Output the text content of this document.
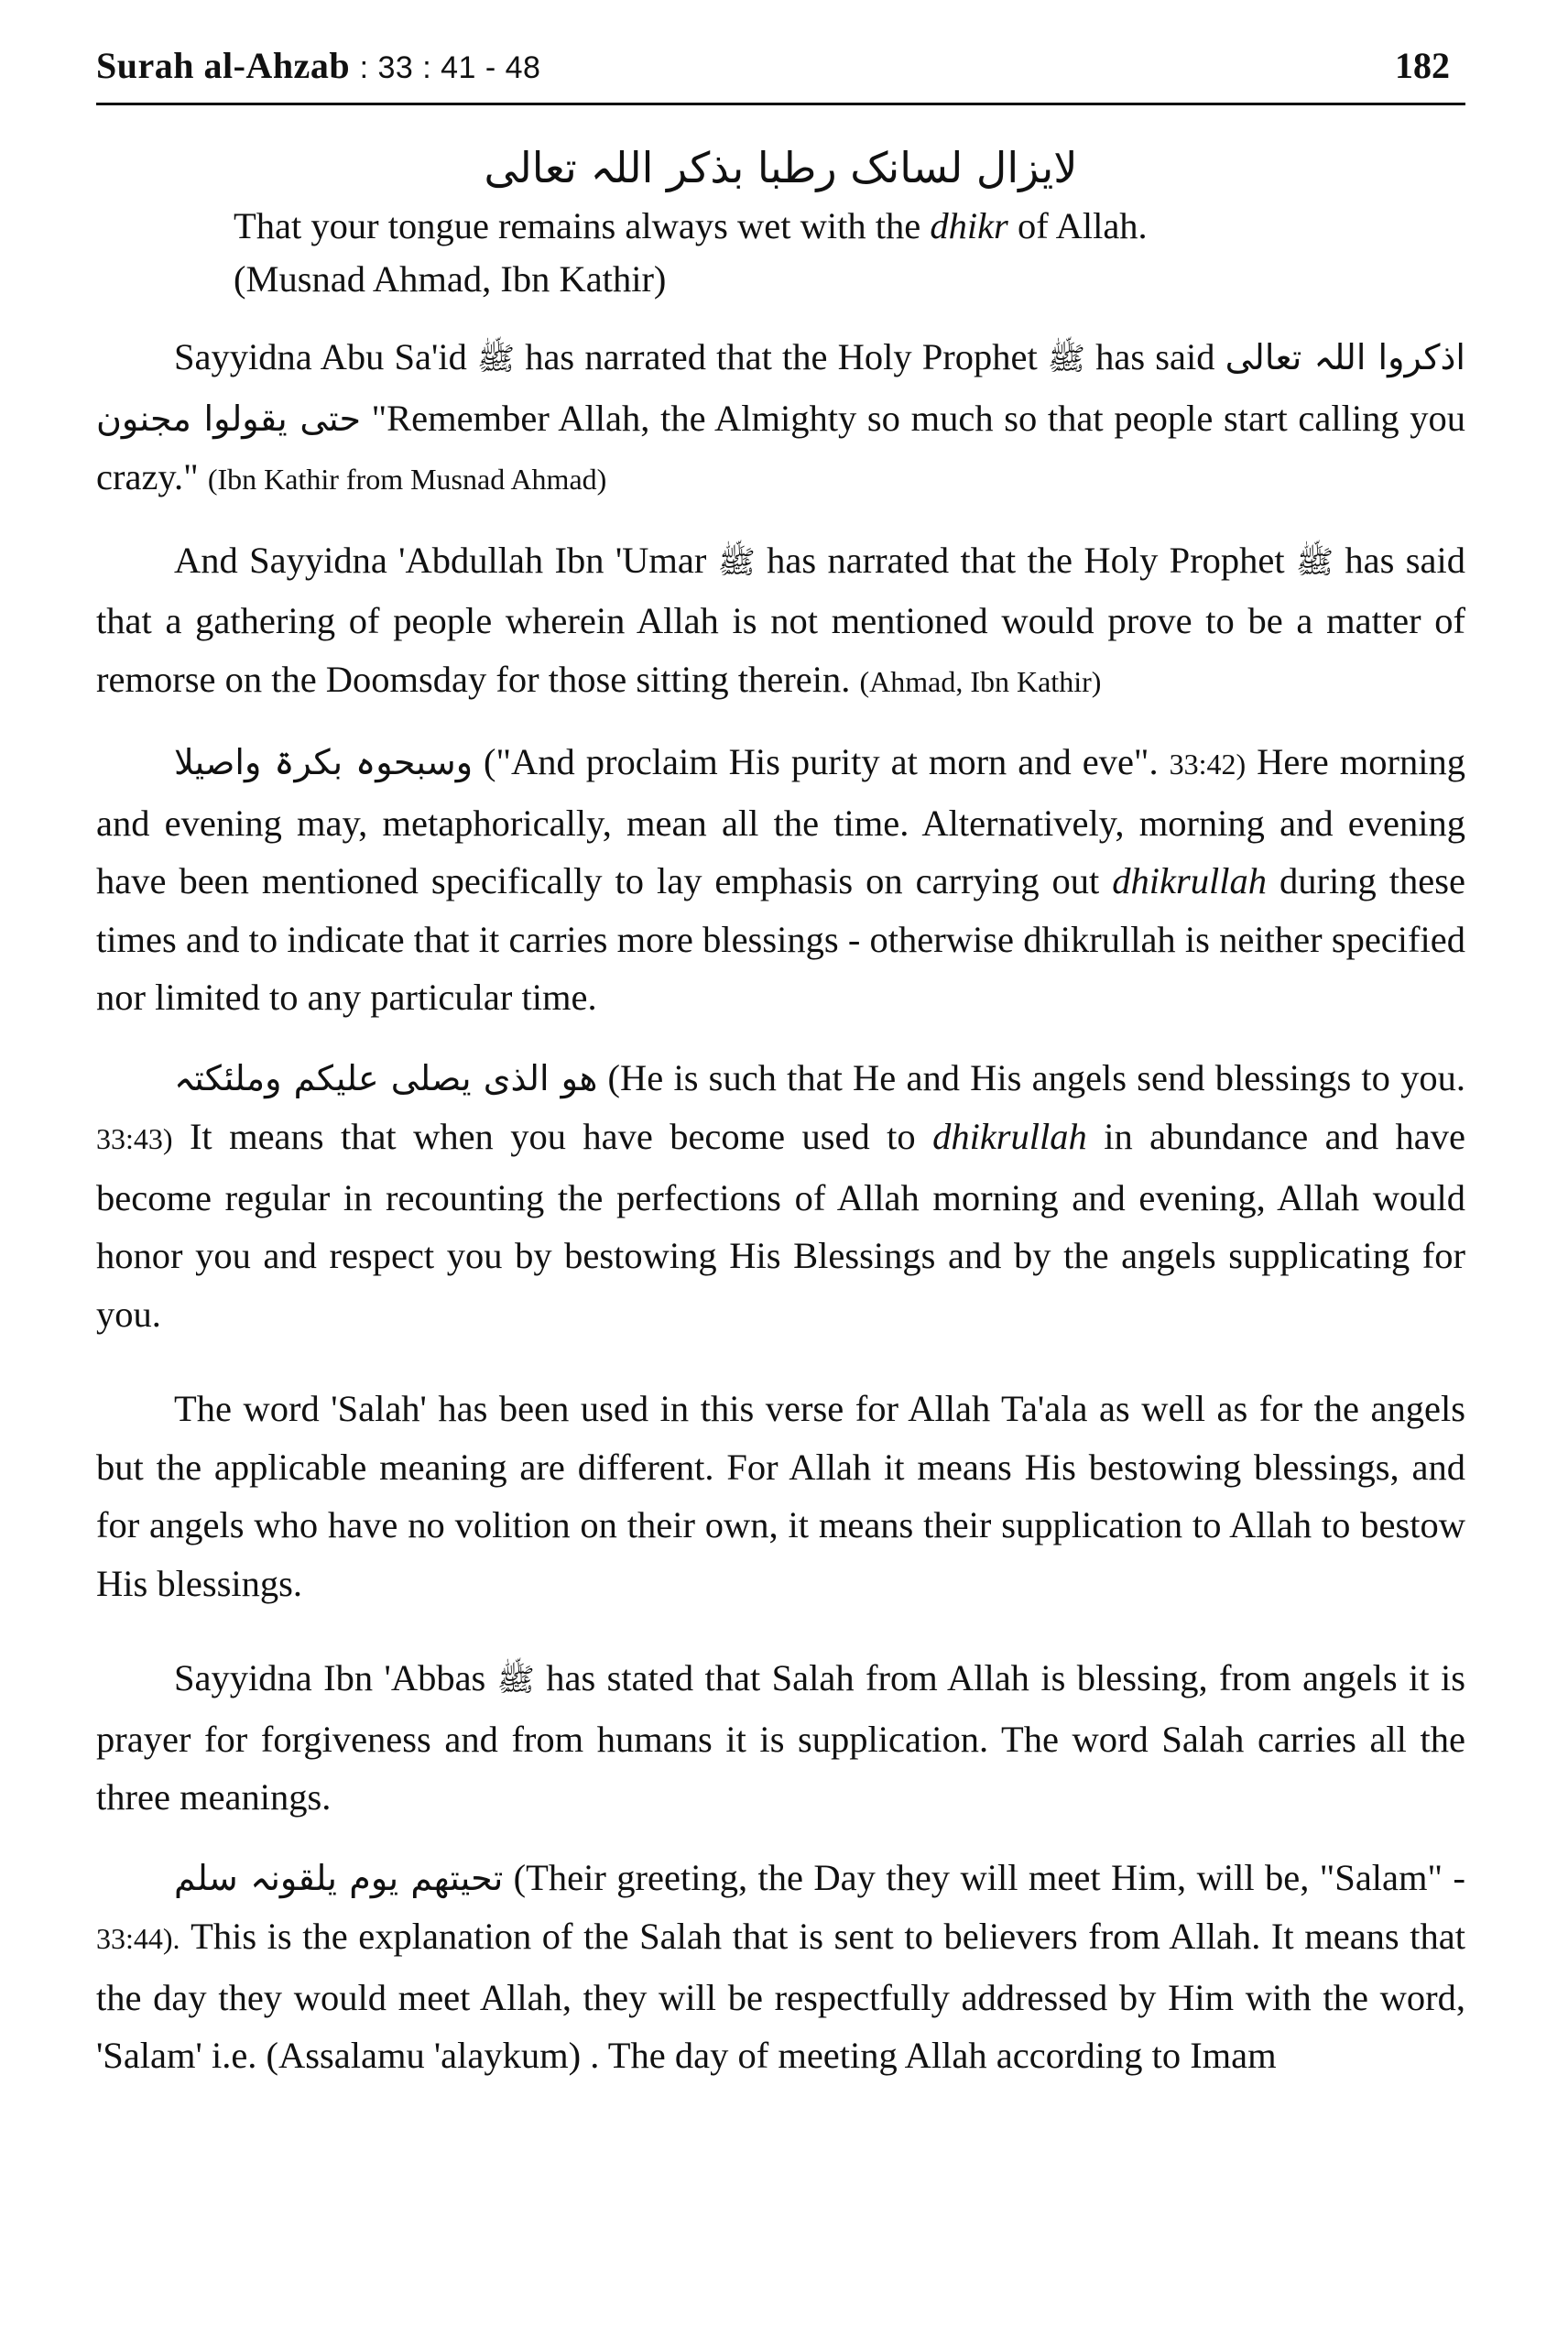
Surah al-Ahzab : 33 : 41 - 48	182
لایزال لسانک رطبا بذکر اللہ تعالی
That your tongue remains always wet with the dhikr of Allah.
(Musnad Ahmad, Ibn Kathir)

Sayyidna Abu Sa'id ﷺ has narrated that the Holy Prophet ﷺ has said اذکروا اللہ تعالی حتی یقولوا مجنون "Remember Allah, the Almighty so much so that people start calling you crazy." (Ibn Kathir from Musnad Ahmad)

And Sayyidna 'Abdullah Ibn 'Umar ﷺ has narrated that the Holy Prophet ﷺ has said that a gathering of people wherein Allah is not mentioned would prove to be a matter of remorse on the Doomsday for those sitting therein. (Ahmad, Ibn Kathir)

وسبحوہ بکرۃ واصیلا ("And proclaim His purity at morn and eve". 33:42) Here morning and evening may, metaphorically, mean all the time. Alternatively, morning and evening have been mentioned specifically to lay emphasis on carrying out dhikrullah during these times and to indicate that it carries more blessings - otherwise dhikrullah is neither specified nor limited to any particular time.

ھو الذی یصلی علیکم وملئکتہ (He is such that He and His angels send blessings to you. 33:43) It means that when you have become used to dhikrullah in abundance and have become regular in recounting the perfections of Allah morning and evening, Allah would honor you and respect you by bestowing His Blessings and by the angels supplicating for you.

The word 'Salah' has been used in this verse for Allah Ta'ala as well as for the angels but the applicable meaning are different. For Allah it means His bestowing blessings, and for angels who have no volition on their own, it means their supplication to Allah to bestow His blessings.

Sayyidna Ibn 'Abbas ﷺ has stated that Salah from Allah is blessing, from angels it is prayer for forgiveness and from humans it is supplication. The word Salah carries all the three meanings.

تحیتھم یوم یلقونہ سلم (Their greeting, the Day they will meet Him, will be, "Salam" - 33:44). This is the explanation of the Salah that is sent to believers from Allah. It means that the day they would meet Allah, they will be respectfully addressed by Him with the word, 'Salam' i.e. (Assalamu 'alaykum) . The day of meeting Allah according to Imam
